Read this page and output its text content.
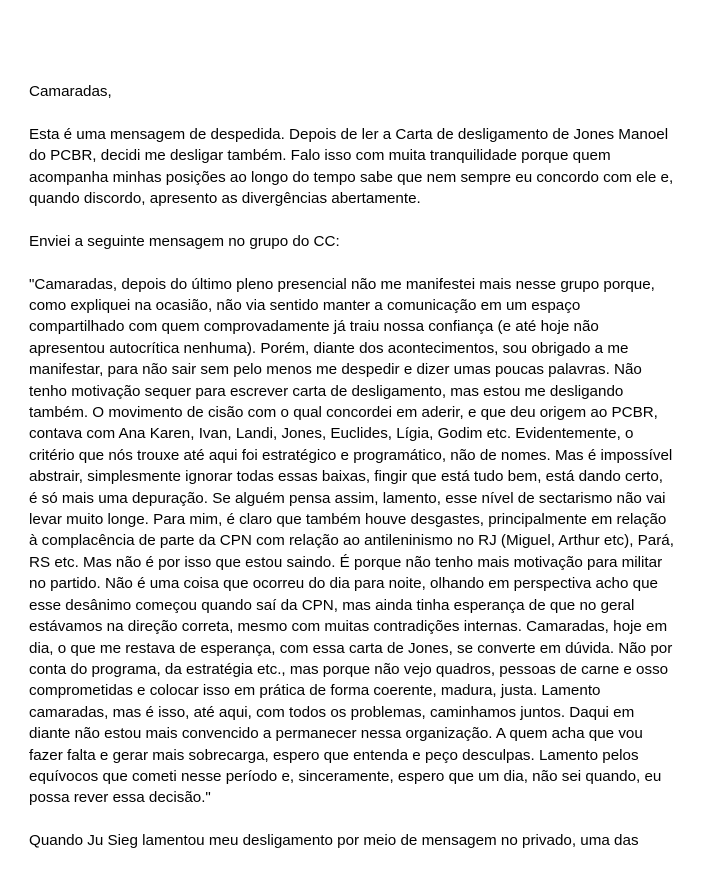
Camaradas,

Esta é uma mensagem de despedida. Depois de ler a Carta de desligamento de Jones Manoel
do PCBR, decidi me desligar também. Falo isso com muita tranquilidade porque quem
acompanha minhas posições ao longo do tempo sabe que nem sempre eu concordo com ele e,
quando discordo, apresento as divergências abertamente.

Enviei a seguinte mensagem no grupo do CC:

"Camaradas, depois do último pleno presencial não me manifestei mais nesse grupo porque,
como expliquei na ocasião, não via sentido manter a comunicação em um espaço
compartilhado com quem comprovadamente já traiu nossa confiança (e até hoje não
apresentou autocrítica nenhuma). Porém, diante dos acontecimentos, sou obrigado a me
manifestar, para não sair sem pelo menos me despedir e dizer umas poucas palavras. Não
tenho motivação sequer para escrever carta de desligamento, mas estou me desligando
também. O movimento de cisão com o qual concordei em aderir, e que deu origem ao PCBR,
contava com Ana Karen, Ivan, Landi, Jones, Euclides, Lígia, Godim etc. Evidentemente, o
critério que nós trouxe até aqui foi estratégico e programático, não de nomes. Mas é impossível
abstrair, simplesmente ignorar todas essas baixas, fingir que está tudo bem, está dando certo,
é só mais uma depuração. Se alguém pensa assim, lamento, esse nível de sectarismo não vai
levar muito longe. Para mim, é claro que também houve desgastes, principalmente em relação
à complacência de parte da CPN com relação ao antileninismo no RJ (Miguel, Arthur etc), Pará,
RS etc. Mas não é por isso que estou saindo. É porque não tenho mais motivação para militar
no partido. Não é uma coisa que ocorreu do dia para noite, olhando em perspectiva acho que
esse desânimo começou quando saí da CPN, mas ainda tinha esperança de que no geral
estávamos na direção correta, mesmo com muitas contradições internas. Camaradas, hoje em
dia, o que me restava de esperança, com essa carta de Jones, se converte em dúvida. Não por
conta do programa, da estratégia etc., mas porque não vejo quadros, pessoas de carne e osso
comprometidas e colocar isso em prática de forma coerente, madura, justa. Lamento
camaradas, mas é isso, até aqui, com todos os problemas, caminhamos juntos. Daqui em
diante não estou mais convencido a permanecer nessa organização. A quem acha que vou
fazer falta e gerar mais sobrecarga, espero que entenda e peço desculpas. Lamento pelos
equívocos que cometi nesse período e, sinceramente, espero que um dia, não sei quando, eu
possa rever essa decisão."

Quando Ju Sieg lamentou meu desligamento por meio de mensagem no privado, uma das
